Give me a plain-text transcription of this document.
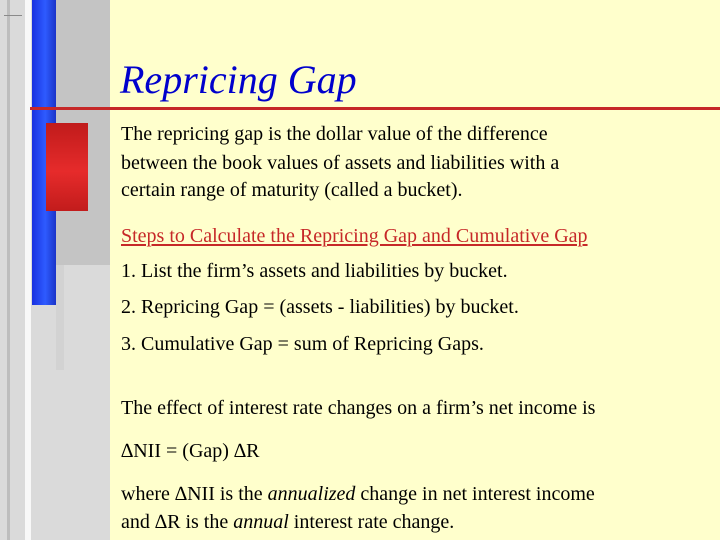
Repricing Gap

The repricing gap is the dollar value of the difference

between the book values of assets and liabilities with a

certain range of maturity (called a bucket).

Steps to Calculate the Repricing Gap and Cumulative Gap

1. List the firm’s assets and liabilities by bucket.

2. Repricing Gap = (assets - liabilities) by bucket.

3. Cumulative Gap = sum of Repricing Gaps.

The effect of interest rate changes on a firm’s net income is

∆NII = (Gap) ∆R

where ∆NII is the annualized change in net interest income

and ∆R is the annual interest rate change.
